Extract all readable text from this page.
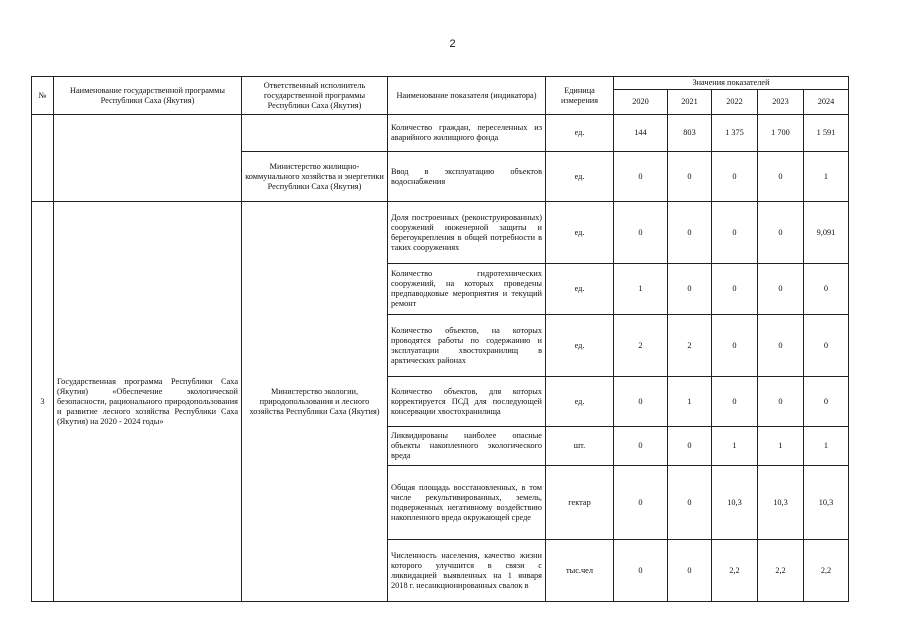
2
№	Наименование государственной программы Республики Саха (Якутия)	Ответственный исполнитель государственной программы Республики Саха (Якутия)	Наименование показателя (индикатора)	Единица измерения	Значения показателей				
					2020	2021	2022	2023	2024
			Количество граждан, переселенных из аварийного жилищного фонда	ед.	144	803	1 375	1 700	1 591
		Министерство жилищно-коммунального хозяйства и энергетики Республики Саха (Якутия)	Ввод в эксплуатацию объектов водоснабжения	ед.	0	0	0	0	1
3	Государственная программа Республики Саха (Якутия) «Обеспечение экологической безопасности, рационального природопользования и развитие лесного хозяйства Республики Саха (Якутия) на 2020 - 2024 годы»	Министерство экологии, природопользования и лесного хозяйства Республики Саха (Якутия)	Доля построенных (реконструированных) сооружений инженерной защиты и берегоукрепления в общей потребности в таких сооружениях	ед.	0	0	0	0	9,091
			Количество гидротехнических сооружений, на которых проведены предпаводковые мероприятия и текущий ремонт	ед.	1	0	0	0	0
			Количество объектов, на которых проводятся работы по содержанию и эксплуатации хвостохранилищ в арктических районах	ед.	2	2	0	0	0
			Количество объектов, для которых корректируется ПСД для последующей консервации хвостохранилища	ед.	0	1	0	0	0
			Ликвидированы наиболее опасные объекты накопленного экологического вреда	шт.	0	0	1	1	1
			Общая площадь восстановленных, в том числе рекультивированных, земель, подверженных негативному воздействию накопленного вреда окружающей среде	гектар	0	0	10,3	10,3	10,3
			Численность населения, качество жизни которого улучшится в связи с ликвидацией выявленных на 1 января 2018 г. несанкционированных свалок в	тыс.чел	0	0	2,2	2,2	2,2
